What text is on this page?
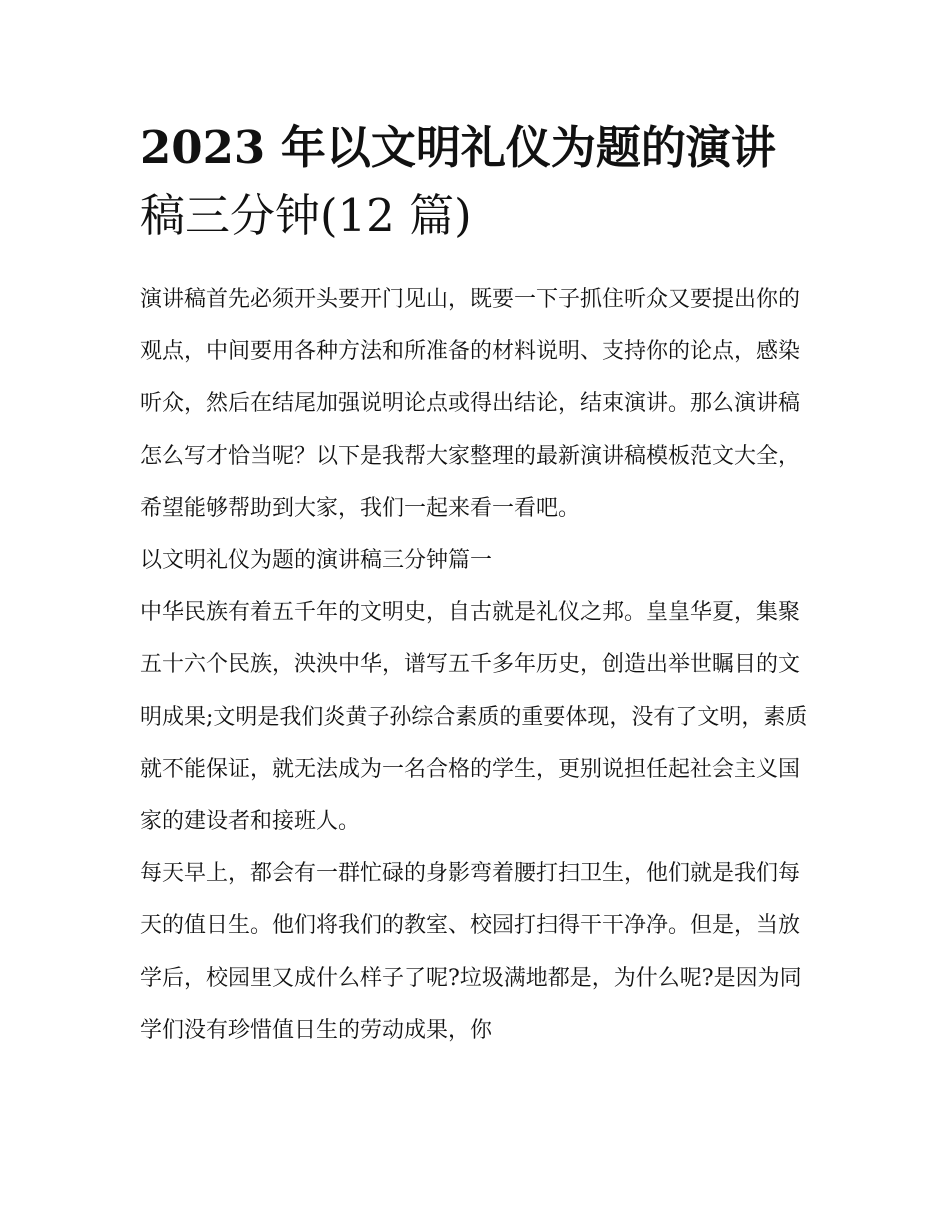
2023 年以文明礼仪为题的演讲
稿三分钟(12 篇)

演讲稿首先必须开头要开门见山，既要一下子抓住听众又要提出你的观点，中间要用各种方法和所准备的材料说明、支持你的论点，感染听众，然后在结尾加强说明论点或得出结论，结束演讲。那么演讲稿怎么写才恰当呢？以下是我帮大家整理的最新演讲稿模板范文大全，希望能够帮助到大家，我们一起来看一看吧。

以文明礼仪为题的演讲稿三分钟篇一

中华民族有着五千年的文明史，自古就是礼仪之邦。皇皇华夏，集聚五十六个民族，泱泱中华，谱写五千多年历史，创造出举世瞩目的文明成果;文明是我们炎黄子孙综合素质的重要体现，没有了文明，素质就不能保证，就无法成为一名合格的学生，更别说担任起社会主义国家的建设者和接班人。

每天早上，都会有一群忙碌的身影弯着腰打扫卫生，他们就是我们每天的值日生。他们将我们的教室、校园打扫得干干净净。但是，当放学后，校园里又成什么样子了呢?垃圾满地都是，为什么呢?是因为同学们没有珍惜值日生的劳动成果，你
